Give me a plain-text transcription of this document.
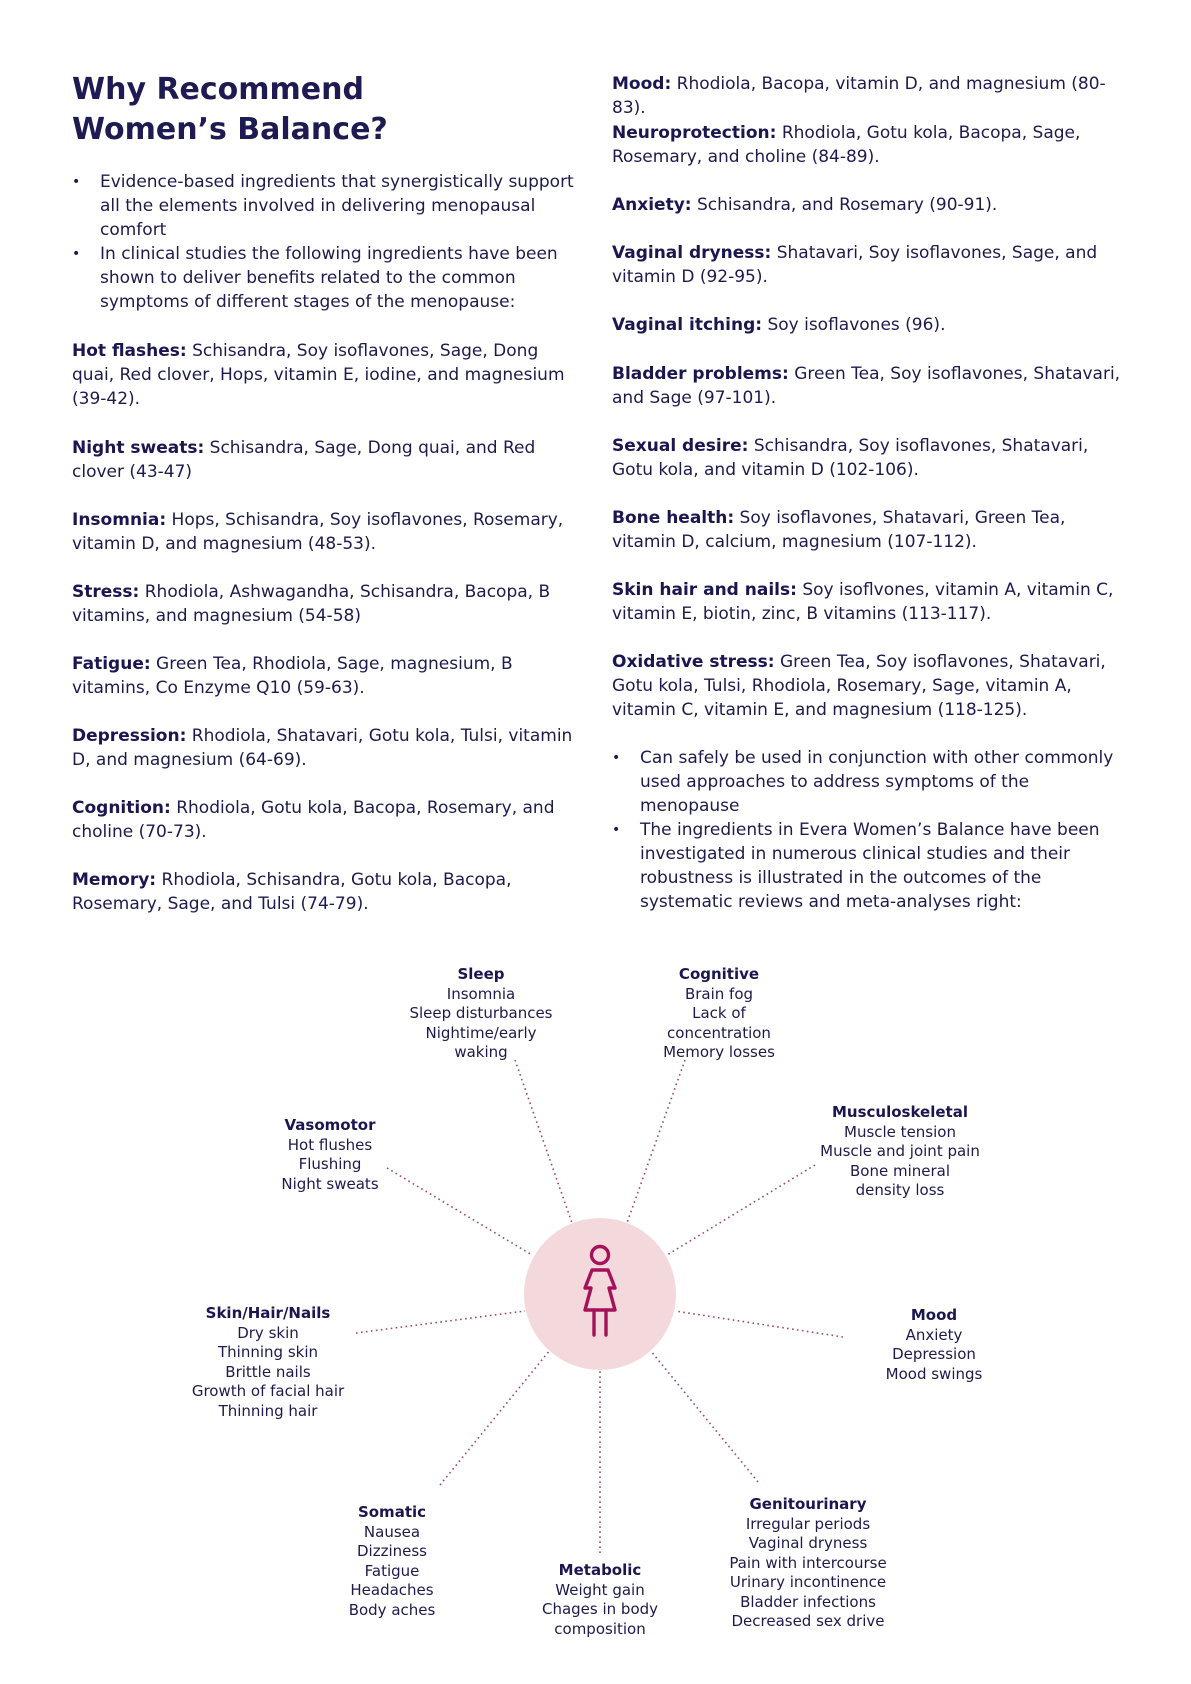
Why Recommend
Women’s Balance?
• Evidence-based ingredients that synergistically support all the elements involved in delivering menopausal comfort
• In clinical studies the following ingredients have been shown to deliver benefits related to the common symptoms of different stages of the menopause:

Hot flashes: Schisandra, Soy isoflavones, Sage, Dong quai, Red clover, Hops, vitamin E, iodine, and magnesium (39-42).

Night sweats: Schisandra, Sage, Dong quai, and Red clover (43-47)

Insomnia: Hops, Schisandra, Soy isoflavones, Rosemary, vitamin D, and magnesium (48-53).

Stress: Rhodiola, Ashwagandha, Schisandra, Bacopa, B vitamins, and magnesium (54-58)

Fatigue: Green Tea, Rhodiola, Sage, magnesium, B vitamins, Co Enzyme Q10 (59-63).

Depression: Rhodiola, Shatavari, Gotu kola, Tulsi, vitamin D, and magnesium (64-69).

Cognition: Rhodiola, Gotu kola, Bacopa, Rosemary, and choline (70-73).

Memory: Rhodiola, Schisandra, Gotu kola, Bacopa, Rosemary, Sage, and Tulsi (74-79).

Mood: Rhodiola, Bacopa, vitamin D, and magnesium (80-83).

Neuroprotection: Rhodiola, Gotu kola, Bacopa, Sage, Rosemary, and choline (84-89).

Anxiety: Schisandra, and Rosemary (90-91).

Vaginal dryness: Shatavari, Soy isoflavones, Sage, and vitamin D (92-95).

Vaginal itching: Soy isoflavones (96).

Bladder problems: Green Tea, Soy isoflavones, Shatavari, and Sage (97-101).

Sexual desire: Schisandra, Soy isoflavones, Shatavari, Gotu kola, and vitamin D (102-106).

Bone health: Soy isoflavones, Shatavari, Green Tea, vitamin D, calcium, magnesium (107-112).

Skin hair and nails: Soy isoflvones, vitamin A, vitamin C, vitamin E, biotin, zinc, B vitamins (113-117).

Oxidative stress: Green Tea, Soy isoflavones, Shatavari, Gotu kola, Tulsi, Rhodiola, Rosemary, Sage, vitamin A, vitamin C, vitamin E, and magnesium (118-125).

• Can safely be used in conjunction with other commonly used approaches to address symptoms of the menopause
• The ingredients in Evera Women’s Balance have been investigated in numerous clinical studies and their robustness is illustrated in the outcomes of the systematic reviews and meta-analyses right:
Sleep
Insomnia
Sleep disturbances
Nightime/early
waking
Cognitive
Brain fog
Lack of
concentration
Memory losses
Vasomotor
Hot flushes
Flushing
Night sweats
Musculoskeletal
Muscle tension
Muscle and joint pain
Bone mineral
density loss
Skin/Hair/Nails
Dry skin
Thinning skin
Brittle nails
Growth of facial hair
Thinning hair
Mood
Anxiety
Depression
Mood swings
Somatic
Nausea
Dizziness
Fatigue
Headaches
Body aches
Metabolic
Weight gain
Chages in body
composition
Genitourinary
Irregular periods
Vaginal dryness
Pain with intercourse
Urinary incontinence
Bladder infections
Decreased sex drive
